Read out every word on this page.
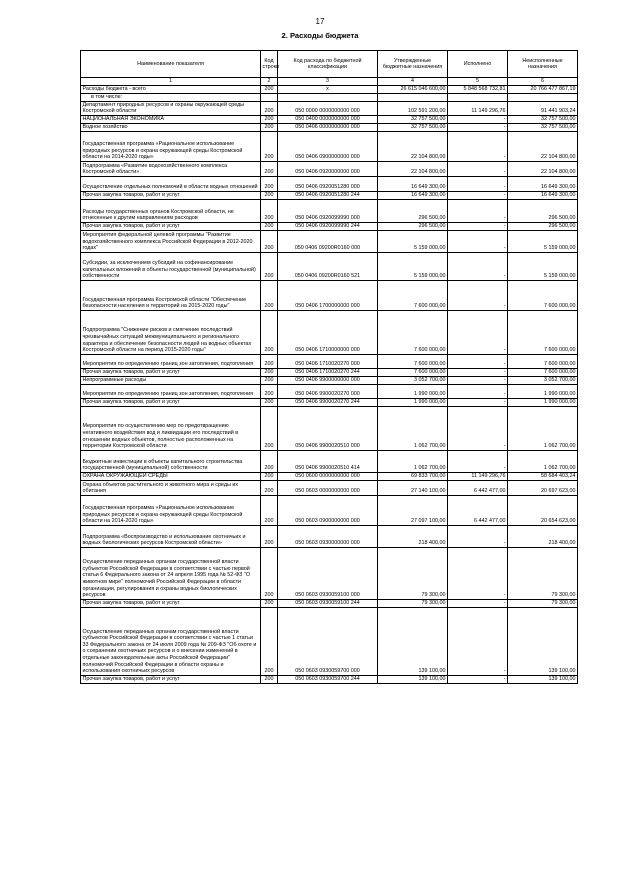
17
2. Расходы бюджета
Наименование показателя	Код строки	Код расхода по бюджетной классификации	Утвержденные бюджетные назначения	Исполнено	Неисполненные назначения
1	2	3	4	5	6
Расходы бюджета - всего	200	x	26 615 046 600,00	5 848 568 732,81	20 766 477 867,19
в том числе:					
Департамент природных ресурсов и охраны окружающей среды Костромской области	200	050 0000 0000000000 000	102 591 200,00	11 149 296,76	91 441 903,24
НАЦИОНАЛЬНАЯ ЭКОНОМИКА	200	050 0400 0000000000 000	32 757 500,00	-	32 757 500,00
Водное хозяйство	200	050 0406 0000000000 000	32 757 500,00	-	32 757 500,00
Государственная программа «Рациональное использование природных ресурсов и охрана окружающей среды Костромской области на 2014-2020 годы»	200	050 0406 0900000000 000	22 104 800,00	-	22 104 800,00
Подпрограмма «Развитие водохозяйственного комплекса Костромской области»	200	050 0406 0920000000 000	22 104 800,00	-	22 104 800,00
Осуществление отдельных полномочий в области водных отношений	200	050 0406 0920051280 000	16 649 300,00	-	16 649 300,00
Прочая закупка товаров, работ и услуг	200	050 0406 0920051280 244	16 649 300,00	-	16 649 300,00
Расходы государственных органов Костромской области, не отнесенные к другим направлениям расходов	200	050 0406 0920099990 000	296 500,00	-	296 500,00
Прочая закупка товаров, работ и услуг	200	050 0406 0920099990 244	296 500,00	-	296 500,00
Мероприятия федеральной целевой программы "Развитие водохозяйственного комплекса Российской Федерации в 2012-2020 годах"	200	050 0406 09200R0160 000	5 159 000,00	-	5 159 000,00
Субсидии, за исключением субсидий на софинансирование капитальных вложений в объекты государственной (муниципальной) собственности	200	050 0406 09200R0160 521	5 159 000,00	-	5 159 000,00
Государственная программа Костромской области "Обеспечение безопасности населения и территорий на 2015-2020 годы"	200	050 0406 1700000000 000	7 600 000,00	-	7 600 000,00
Подпрограмма "Снижение рисков и смягчение последствий чрезвычайных ситуаций межмуниципального и регионального характера и обеспечение безопасности людей на водных объектах Костромской области на период 2015-2020 годы"	200	050 0406 1710000000 000	7 600 000,00	-	7 600 000,00
Мероприятия по определению границ зон затопления, подтопления	200	050 0406 1710020270 000	7 600 000,00	-	7 600 000,00
Прочая закупка товаров, работ и услуг	200	050 0406 1710020270 244	7 600 000,00	-	7 600 000,00
Непрограммные расходы	200	050 0406 9900000000 000	3 052 700,00	-	3 052 700,00
Мероприятия по определению границ зон затопления, подтопления	200	050 0406 9900020270 000	1 990 000,00	-	1 990 000,00
Прочая закупка товаров, работ и услуг	200	050 0406 9900020270 244	1 990 000,00	-	1 990 000,00
Мероприятия по осуществлению мер по предотвращению негативного воздействия вод и ликвидации его последствий в отношении водных объектов, полностью расположенных на территории Костромской области	200	050 0406 9900020510 000	1 062 700,00	-	1 062 700,00
Бюджетные инвестиции в объекты капитального строительства государственной (муниципальной) собственности	200	050 0406 9900020510 414	1 062 700,00	-	1 062 700,00
ОХРАНА ОКРУЖАЮЩЕЙ СРЕДЫ	200	050 0600 0000000000 000	69 833 700,00	11 149 296,76	58 684 403,24
Охрана объектов растительного и животного мира и среды их обитания	200	050 0603 0000000000 000	27 140 100,00	6 442 477,00	20 697 623,00
Государственная программа «Рациональное использование природных ресурсов и охрана окружающей среды Костромской области на 2014-2020 годы»	200	050 0603 0900000000 000	27 097 100,00	6 442 477,00	20 654 623,00
Подпрограмма «Воспроизводство и использование охотничьих и водных биологических ресурсов Костромской области»	200	050 0603 0930000000 000	218 400,00	-	218 400,00
Осуществление переданных органам государственной власти субъектов Российской Федерации в соответствии с частью первой статьи 6 Федерального закона от 24 апреля 1995 года № 52-ФЗ "О животном мире" полномочий Российской Федерации в области организации, регулирования и охраны водных биологических ресурсов	200	050 0603 0930059100 000	79 300,00	-	79 300,00
Прочая закупка товаров, работ и услуг	200	050 0603 0930059100 244	79 300,00	-	79 300,00
Осуществление переданных органам государственной власти субъектов Российской Федерации в соответствии с частью 1 статьи 33 Федерального закона от 24 июля 2009 года № 209-ФЗ "Об охоте и о сохранении охотничьих ресурсов и о внесении изменений в отдельные законодательные акты Российской Федерации" полномочий Российской Федерации в области охраны и использования охотничьих ресурсов	200	050 0603 0930059700 000	139 100,00	-	139 100,00
Прочая закупка товаров, работ и услуг	200	050 0603 0930059700 244	139 100,00	-	139 100,00
